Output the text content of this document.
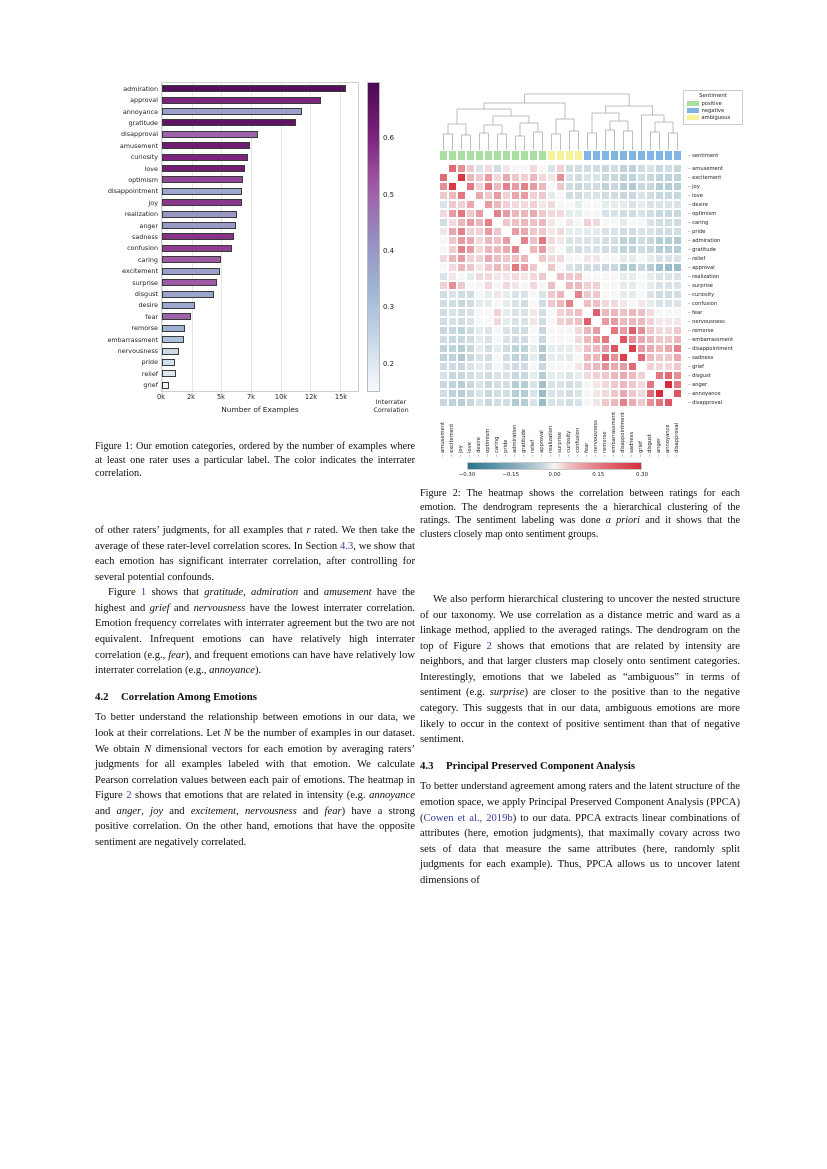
admiration
approval
annoyance
gratitude
disapproval
amusement
curiosity
love
optimism
disappointment
joy
realization
anger
sadness
confusion
caring
excitement
surprise
disgust
desire
fear
remorse
embarrassment
nervousness
pride
relief
grief
0k	2k	5k	7k	10k	12k	15k
Number of Examples
0.6
0.5
0.4
0.3
0.2
Interrater
Correlation
– sentiment
– amusement
– excitement
– joy
– love
– desire
– optimism
– caring
– pride
– admiration
– gratitude
– relief
– approval
– realization
– surprise
– curiosity
– confusion
– fear
– nervousness
– remorse
– embarrassment
– disappointment
– sadness
– grief
– disgust
– anger
– annoyance
– disapproval
– amusement – excitement – joy – love – desire – optimism – caring – pride – admiration – gratitude – relief – approval – realization – surprise – curiosity – confusion – fear – nervousness – remorse – embarrassment – disappointment – sadness – grief – disgust – anger – annoyance – disapproval
Sentiment
positive
negative
ambiguous
−0.30	−0.15	0.00	0.15	0.30
Figure 1: Our emotion categories, ordered by the number of examples where at least one rater uses a particular label. The color indicates the interrater correlation.
Figure 2: The heatmap shows the correlation between ratings for each emotion. The dendrogram represents the a hierarchical clustering of the ratings. The sentiment labeling was done a priori and it shows that the clusters closely map onto sentiment groups.

of other raters’ judgments, for all examples that r rated. We then take the average of these rater-level correlation scores. In Section 4.3, we show that each emotion has significant interrater correlation, after controlling for several potential confounds.

Figure 1 shows that gratitude, admiration and amusement have the highest and grief and nervousness have the lowest interrater correlation. Emotion frequency correlates with interrater agreement but the two are not equivalent. Infrequent emotions can have relatively high interrater correlation (e.g., fear), and frequent emotions can have have relatively low interrater correlation (e.g., annoyance).

4.2 Correlation Among Emotions

To better understand the relationship between emotions in our data, we look at their correlations. Let N be the number of examples in our dataset. We obtain N dimensional vectors for each emotion by averaging raters’ judgments for all examples labeled with that emotion. We calculate Pearson correlation values between each pair of emotions. The heatmap in Figure 2 shows that emotions that are related in intensity (e.g. annoyance and anger, joy and excitement, nervousness and fear) have a strong positive correlation. On the other hand, emotions that have the opposite sentiment are negatively correlated.

We also perform hierarchical clustering to uncover the nested structure of our taxonomy. We use correlation as a distance metric and ward as a linkage method, applied to the averaged ratings. The dendrogram on the top of Figure 2 shows that emotions that are related by intensity are neighbors, and that larger clusters map closely onto sentiment categories. Interestingly, emotions that we labeled as “ambiguous” in terms of sentiment (e.g. surprise) are closer to the positive than to the negative category. This suggests that in our data, ambiguous emotions are more likely to occur in the context of positive sentiment than that of negative sentiment.

4.3 Principal Preserved Component Analysis

To better understand agreement among raters and the latent structure of the emotion space, we apply Principal Preserved Component Analysis (PPCA) (Cowen et al., 2019b) to our data. PPCA extracts linear combinations of attributes (here, emotion judgments), that maximally covary across two sets of data that measure the same attributes (here, randomly split judgments for each example). Thus, PPCA allows us to uncover latent dimensions of
